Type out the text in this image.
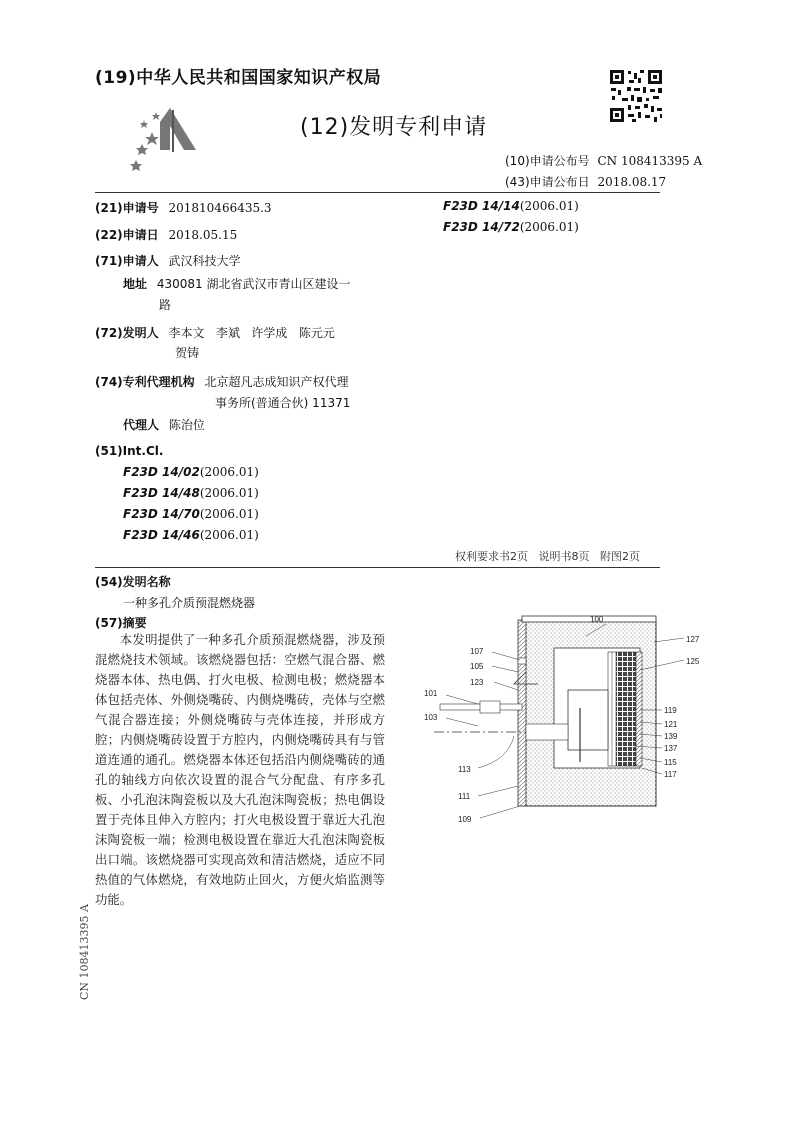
(19)中华人民共和国国家知识产权局
(12)发明专利申请
(10)申请公布号 CN 108413395 A
(43)申请公布日 2018.08.17
(21)申请号 201810466435.3
(22)申请日 2018.05.15
(71)申请人 武汉科技大学
地址 430081 湖北省武汉市青山区建设一
路
(72)发明人 李本文   李斌   许学成   陈元元
贺铸
(74)专利代理机构 北京超凡志成知识产权代理
事务所(普通合伙) 11371
代理人 陈治位
(51)Int.Cl.
F23D 14/02(2006.01)
F23D 14/48(2006.01)
F23D 14/70(2006.01)
F23D 14/46(2006.01)
F23D 14/14(2006.01)
F23D 14/72(2006.01)
权利要求书2页   说明书8页   附图2页
(54)发明名称
一种多孔介质预混燃烧器
(57)摘要
本发明提供了一种多孔介质预混燃烧器，涉及预混燃烧技术领域。该燃烧器包括：空燃气混合器、燃烧器本体、热电偶、打火电极、检测电极；燃烧器本体包括壳体、外侧烧嘴砖、内侧烧嘴砖，壳体与空燃气混合器连接；外侧烧嘴砖与壳体连接，并形成方腔；内侧烧嘴砖设置于方腔内，内侧烧嘴砖具有与管道连通的通孔。燃烧器本体还包括沿内侧烧嘴砖的通孔的轴线方向依次设置的混合气分配盘、有序多孔板、小孔泡沫陶瓷板以及大孔泡沫陶瓷板；热电偶设置于壳体且伸入方腔内；打火电极设置于靠近大孔泡沫陶瓷板一端；检测电极设置在靠近大孔泡沫陶瓷板出口端。该燃烧器可实现高效和清洁燃烧，适应不同热值的气体燃烧，有效地防止回火，方便火焰监测等功能。
CN 108413395 A
100
127
125
107
105
123
101
103
119
121
139
137
115
117
113
111
109
